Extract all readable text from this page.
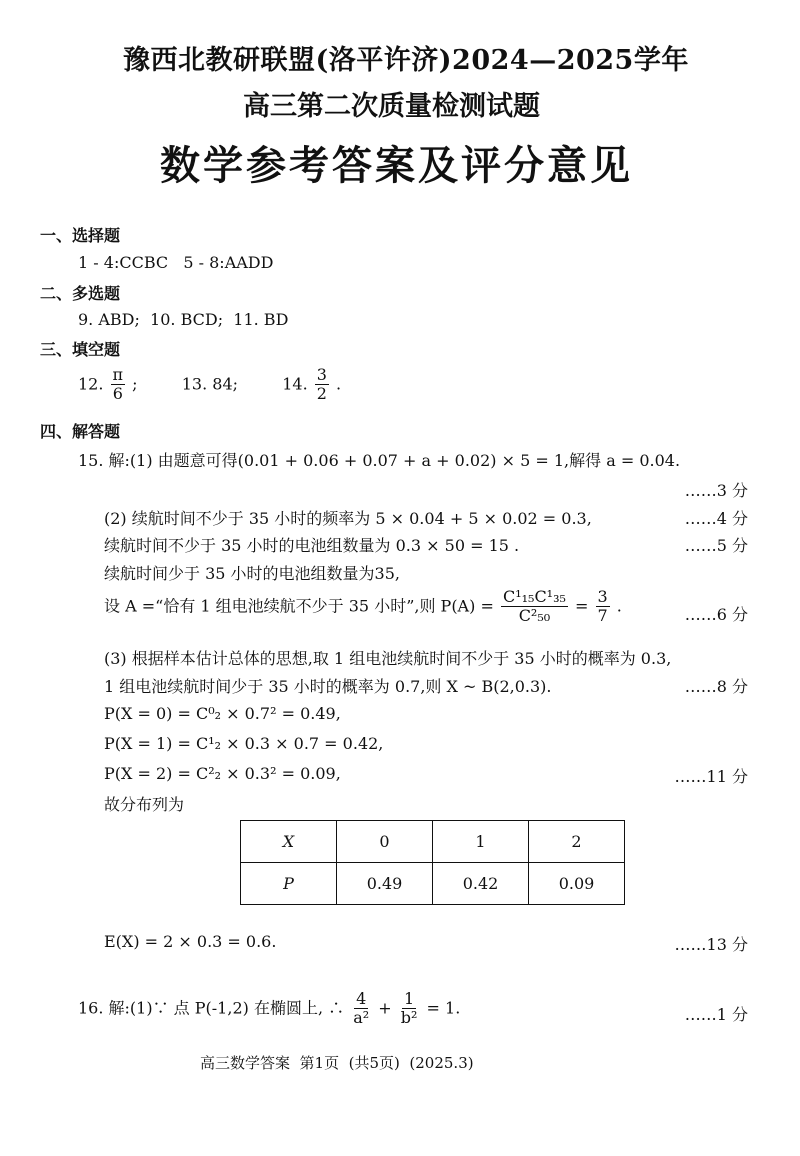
豫西北教研联盟(洛平许济)2024—2025学年
高三第二次质量检测试题
数学参考答案及评分意见
一、选择题
1 - 4:CCBC   5 - 8:AADD
二、多选题
9. ABD;  10. BCD;  11. BD
三、填空题
12. $\frac{\pi}{6}$ ;	13. 84;	14. $\frac{3}{2}$ .
四、解答题
15. 解:(1) 由题意可得(0.01 + 0.06 + 0.07 + a + 0.02) × 5 = 1,解得 a = 0.04.
……3 分
(2) 续航时间不少于 35 小时的频率为 5 × 0.04 + 5 × 0.02 = 0.3,	……4 分
续航时间不少于 35 小时的电池组数量为 0.3 × 50 = 15 .	……5 分
续航时间少于 35 小时的电池组数量为35,
设 A =“恰有 1 组电池续航不少于 35 小时”,则 $P(A) = \frac{\text{C¹₁₅C¹₃₅}}{\text{C²₅₀}} = \frac{3}{7}$ .	……6 分
(3) 根据样本估计总体的思想,取 1 组电池续航时间不少于 35 小时的概率为 0.3,
1 组电池续航时间少于 35 小时的概率为 0.7,则 X ~ B(2,0.3).	……8 分
P(X = 0) = C⁰₂ × 0.7² = 0.49,
P(X = 1) = C¹₂ × 0.3 × 0.7 = 0.42,
P(X = 2) = C²₂ × 0.3² = 0.09,	……11 分
故分布列为
X	0	1	2
P	0.49	0.42	0.09
E(X) = 2 × 0.3 = 0.6.	……13 分
16. 解:(1)∵ 点 P(-1,2) 在椭圆上, ∴ $\frac{4}{\text{a²}} + \frac{1}{\text{b²}} = 1$.	……1 分
高三数学答案  第1页  (共5页)  (2025.3)
